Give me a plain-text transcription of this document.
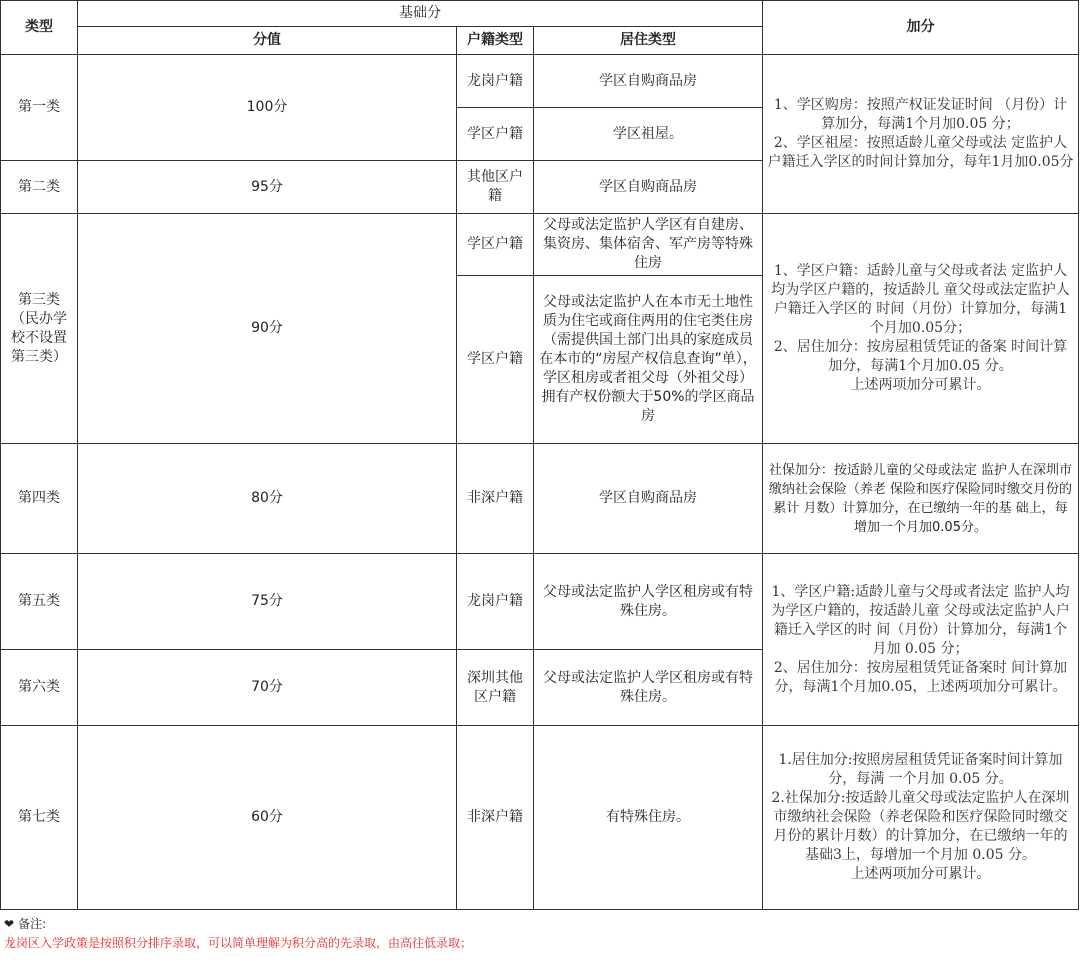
类型	基础分			加分
	分值	户籍类型	居住类型	
第一类	100分	龙岗户籍	学区自购商品房	1、学区购房：按照产权证发证时间 （月份）计算加分，每满1个月加0.05 分；
2、学区祖屋：按照适龄儿童父母或法 定监护人户籍迁入学区的时间计算加分，每年1月加0.05分

		学区户籍	学区祖屋。	
第二类	95分	其他区户籍	学区自购商品房	
第三类（民办学校不设置第三类）	90分	学区户籍	父母或法定监护人学区有自建房、集资房、集体宿舍、军产房等特殊住房	1、学区户籍：适龄儿童与父母或者法 定监护人均为学区户籍的，按适龄儿 童父母或法定监护人户籍迁入学区的 时间（月份）计算加分，每满1个月加0.05分；
2、居住加分：按房屋租赁凭证的备案 时间计算加分，每满1个月加0.05 分。
上述两项加分可累计。

		学区户籍	父母或法定监护人在本市无土地性质为住宅或商住两用的住宅类住房（需提供国土部门出具的家庭成员在本市的“房屋产权信息查询”单），学区租房或者祖父母（外祖父母）拥有产权份额大于50%的学区商品房	
第四类	80分	非深户籍	学区自购商品房	社保加分：按适龄儿童的父母或法定 监护人在深圳市缴纳社会保险（养老 保险和医疗保险同时缴交月份的累计 月数）计算加分，在已缴纳一年的基 础上，每增加一个月加0.05分。
第五类	75分	龙岗户籍	父母或法定监护人学区租房或有特殊住房。	1、学区户籍:适龄儿童与父母或者法定 监护人均为学区户籍的，按适龄儿童 父母或法定监护人户籍迁入学区的时 间（月份）计算加分，每满1个月加 0.05 分；
2、居住加分：按房屋租赁凭证备案时 间计算加分，每满1个月加0.05，上述两项加分可累计。

第六类	70分	深圳其他区户籍	父母或法定监护人学区租房或有特殊住房。	
第七类	60分	非深户籍	有特殊住房。	1.居住加分:按照房屋租赁凭证备案时间计算加分，每满 一个月加 0.05 分。
2.社保加分:按适龄儿童父母或法定监护人在深圳市缴纳社会保险（养老保险和医疗保险同时缴交月份的累计月数）的计算加分，在已缴纳一年的基础3上，每增加一个月加 0.05 分。
上述两项加分可累计。
❤ 备注:
龙岗区入学政策是按照积分排序录取，可以简单理解为积分高的先录取，由高往低录取；
